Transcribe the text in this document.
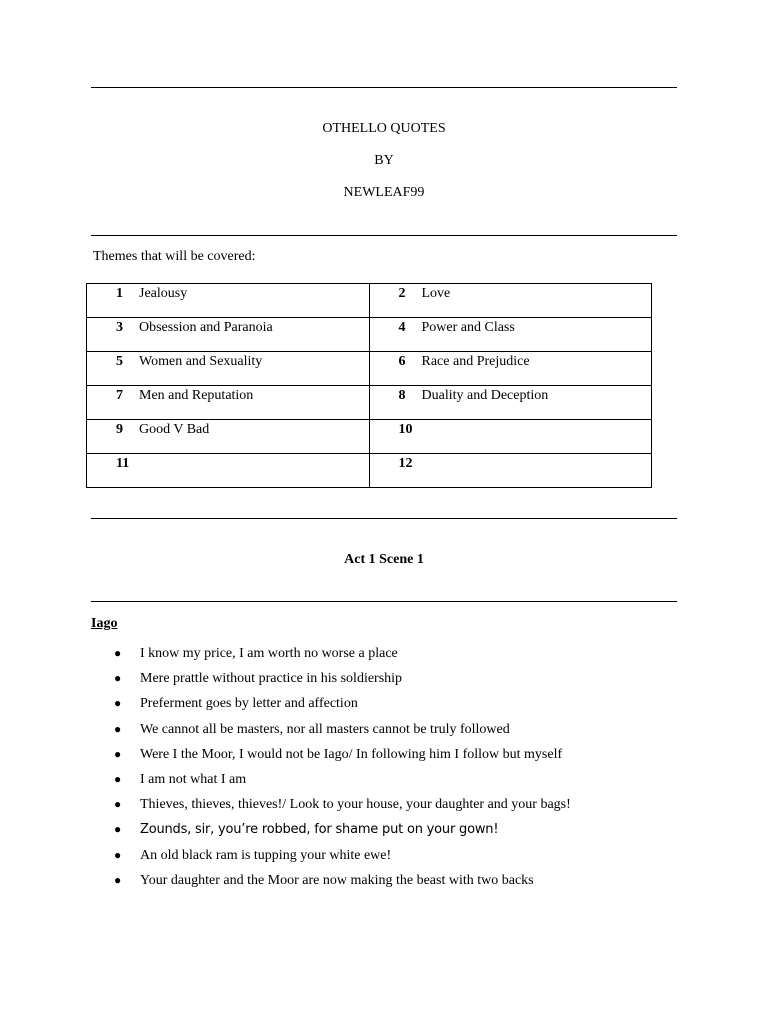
OTHELLO QUOTES
BY
NEWLEAF99
Themes that will be covered:
1 Jealousy	2 Love

3 Obsession and Paranoia	4 Power and Class

5 Women and Sexuality	6 Race and Prejudice

7 Men and Reputation	8 Duality and Deception

9 Good V Bad	10

11	12
Act 1 Scene 1
Iago
● I know my price, I am worth no worse a place
● Mere prattle without practice in his soldiership
● Preferment goes by letter and affection
● We cannot all be masters, nor all masters cannot be truly followed
● Were I the Moor, I would not be Iago/ In following him I follow but myself
● I am not what I am
● Thieves, thieves, thieves!/ Look to your house, your daughter and your bags!
● Zounds, sir, you’re robbed, for shame put on your gown!
● An old black ram is tupping your white ewe!
● Your daughter and the Moor are now making the beast with two backs
